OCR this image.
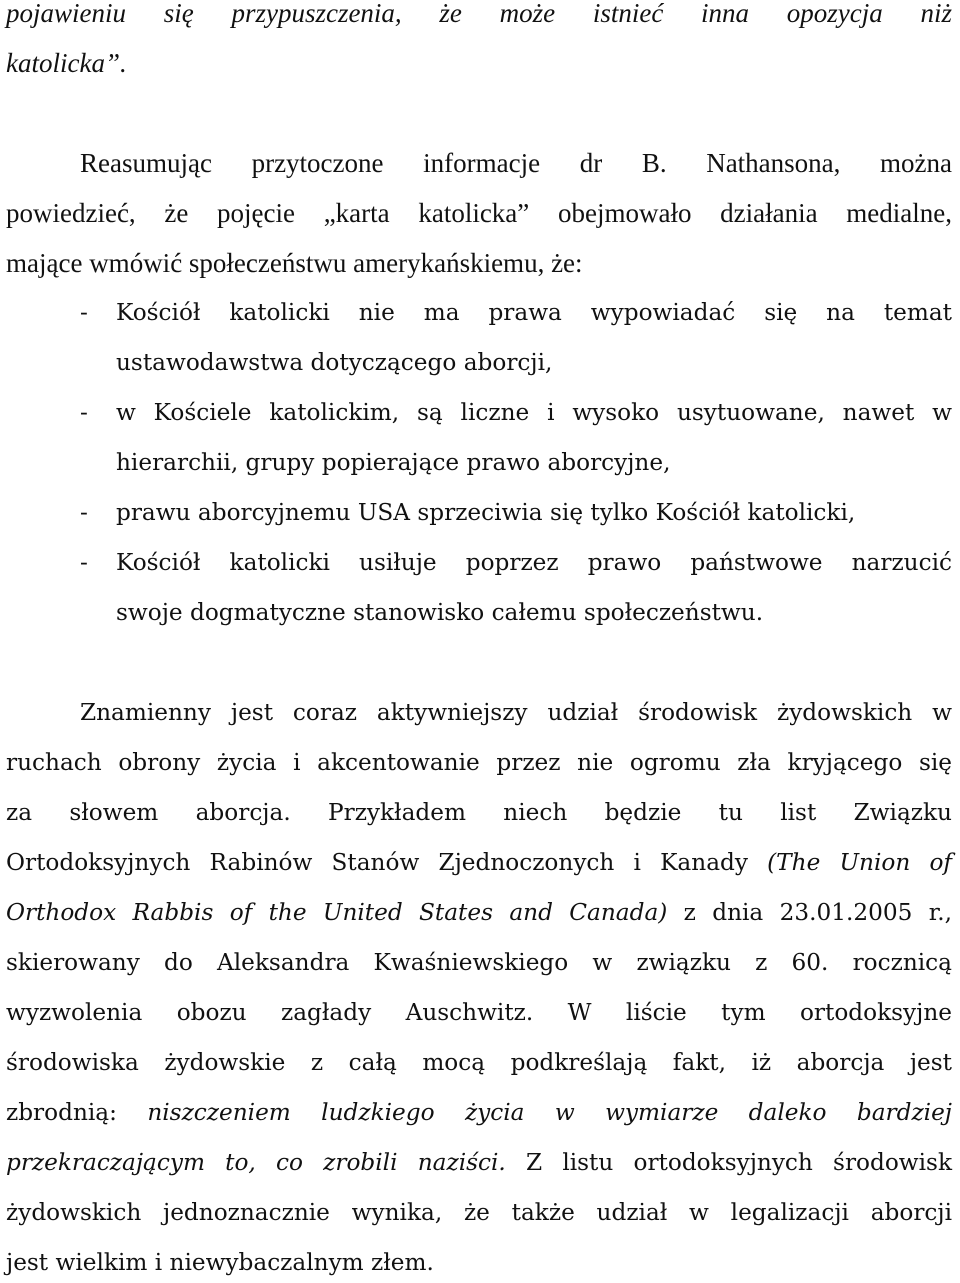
pojawieniu się przypuszczenia, że może istnieć inna opozycja niż
katolicka”.
Reasumując przytoczone informacje dr B. Nathansona, można
powiedzieć, że pojęcie „karta katolicka” obejmowało działania medialne,
mające wmówić społeczeństwu amerykańskiemu, że:
-	Kościół katolicki nie ma prawa wypowiadać się na temat
ustawodawstwa dotyczącego aborcji,
-	w Kościele katolickim, są liczne i wysoko usytuowane, nawet w
hierarchii, grupy popierające prawo aborcyjne,
-	prawu aborcyjnemu USA sprzeciwia się tylko Kościół katolicki,
-	Kościół katolicki usiłuje poprzez prawo państwowe narzucić
swoje dogmatyczne stanowisko całemu społeczeństwu.
Znamienny jest coraz aktywniejszy udział środowisk żydowskich w
ruchach obrony życia i akcentowanie przez nie ogromu zła kryjącego się
za słowem aborcja. Przykładem niech będzie tu list Związku
Ortodoksyjnych Rabinów Stanów Zjednoczonych i Kanady (The Union of
Orthodox Rabbis of the United States and Canada) z dnia 23.01.2005 r.,
skierowany do Aleksandra Kwaśniewskiego w związku z 60. rocznicą
wyzwolenia obozu zagłady Auschwitz. W liście tym ortodoksyjne
środowiska żydowskie z całą mocą podkreślają fakt, iż aborcja jest
zbrodnią: niszczeniem ludzkiego życia w wymiarze daleko bardziej
przekraczającym to, co zrobili naziści. Z listu ortodoksyjnych środowisk
żydowskich jednoznacznie wynika, że także udział w legalizacji aborcji
jest wielkim i niewybaczalnym złem.
